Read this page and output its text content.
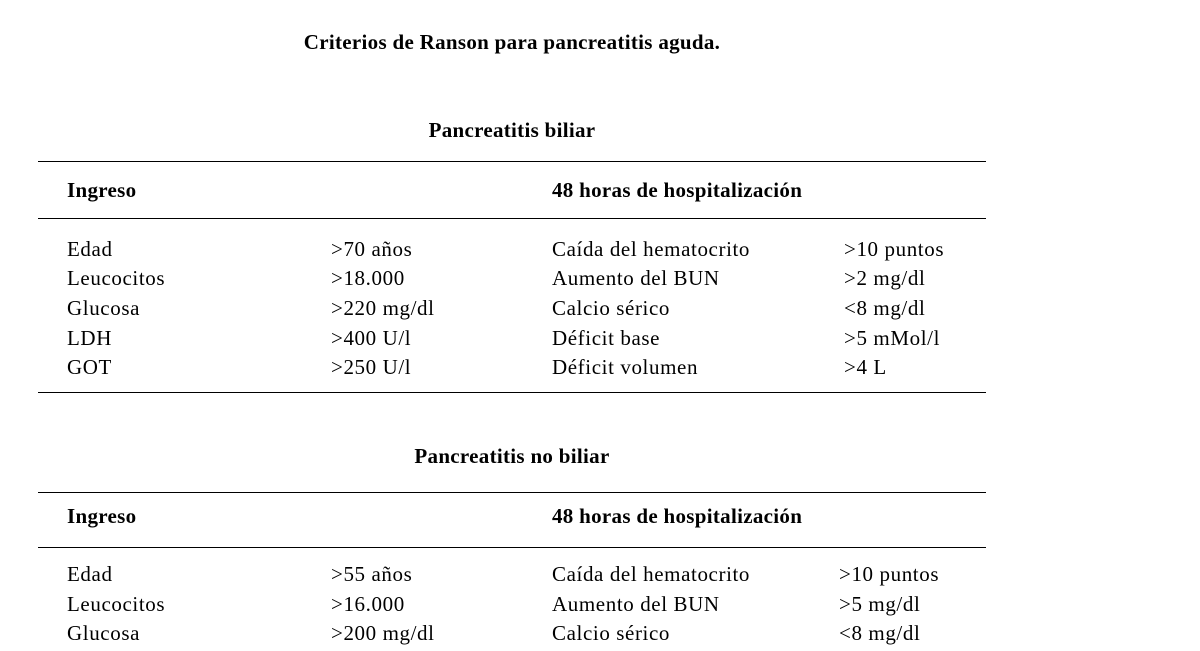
Criterios de Ranson para pancreatitis aguda.
Pancreatitis biliar
Ingreso	48 horas de hospitalización
Edad	>70 años	Caída del hematocrito	>10 puntos
Leucocitos	>18.000	Aumento del BUN	>2 mg/dl
Glucosa	>220 mg/dl	Calcio sérico	<8 mg/dl
LDH	>400 U/l	Déficit base	>5 mMol/l
GOT	>250 U/l	Déficit volumen	>4 L
Pancreatitis no biliar
Ingreso	48 horas de hospitalización
Edad	>55 años	Caída del hematocrito	>10 puntos
Leucocitos	>16.000	Aumento del BUN	>5 mg/dl
Glucosa	>200 mg/dl	Calcio sérico	<8 mg/dl
